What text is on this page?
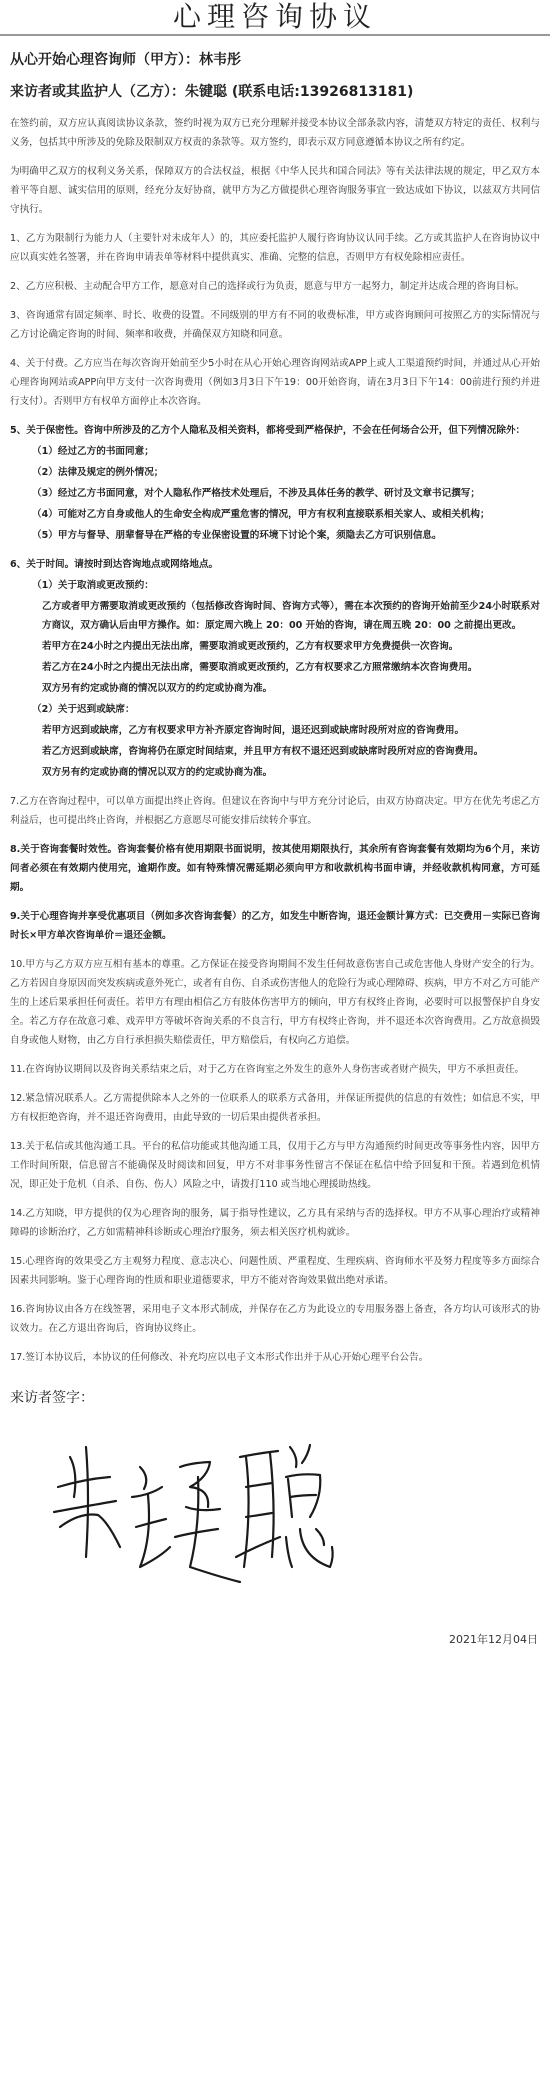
心理咨询协议
从心开始心理咨询师（甲方）：林韦彤
来访者或其监护人（乙方）：朱键聪 (联系电话:13926813181)

在签约前，双方应认真阅读协议条款，签约时视为双方已充分理解并接受本协议全部条款内容，清楚双方特定的责任、权利与义务，包括其中所涉及的免除及限制双方权责的条款等。双方签约，即表示双方同意遵循本协议之所有约定。

为明确甲乙双方的权利义务关系，保障双方的合法权益，根据《中华人民共和国合同法》等有关法律法规的规定，甲乙双方本着平等自愿、诚实信用的原则，经充分友好协商，就甲方为乙方做提供心理咨询服务事宜一致达成如下协议，以兹双方共同信守执行。

1、乙方为限制行为能力人（主要针对未成年人）的，其应委托监护人履行咨询协议认同手续。乙方或其监护人在咨询协议中应以真实姓名签署，并在咨询申请表单等材料中提供真实、准确、完整的信息，否则甲方有权免除相应责任。

2、乙方应积极、主动配合甲方工作，愿意对自己的选择或行为负责，愿意与甲方一起努力，制定并达成合理的咨询目标。

3、咨询通常有固定频率、时长、收费的设置。不同级别的甲方有不同的收费标准，甲方或咨询顾问可按照乙方的实际情况与乙方讨论确定咨询的时间、频率和收费，并确保双方知晓和同意。

4、关于付费。乙方应当在每次咨询开始前至少5小时在从心开始心理咨询网站或APP上或人工渠道预约时间，并通过从心开始心理咨询网站或APP向甲方支付一次咨询费用（例如3月3日下午19：00开始咨询，请在3月3日下午14：00前进行预约并进行支付）。否则甲方有权单方面停止本次咨询。

5、关于保密性。咨询中所涉及的乙方个人隐私及相关资料，都将受到严格保护，不会在任何场合公开，但下列情况除外：

（1）经过乙方的书面同意；

（2）法律及规定的例外情况；

（3）经过乙方书面同意，对个人隐私作严格技术处理后，不涉及具体任务的教学、研讨及文章书记撰写；

（4）可能对乙方自身或他人的生命安全构成严重危害的情况，甲方有权利直接联系相关家人、或相关机构；

（5）甲方与督导、朋辈督导在严格的专业保密设置的环境下讨论个案，须隐去乙方可识别信息。

6、关于时间。请按时到达咨询地点或网络地点。

（1）关于取消或更改预约：

乙方或者甲方需要取消或更改预约（包括修改咨询时间、咨询方式等），需在本次预约的咨询开始前至少24小时联系对方商议，双方确认后由甲方操作。如：原定周六晚上 20：00 开始的咨询，请在周五晚 20：00 之前提出更改。

若甲方在24小时之内提出无法出席，需要取消或更改预约，乙方有权要求甲方免费提供一次咨询。

若乙方在24小时之内提出无法出席，需要取消或更改预约，乙方有权要求乙方照常缴纳本次咨询费用。

双方另有约定或协商的情况以双方的约定或协商为准。

（2）关于迟到或缺席：

若甲方迟到或缺席，乙方有权要求甲方补齐原定咨询时间，退还迟到或缺席时段所对应的咨询费用。

若乙方迟到或缺席，咨询将仍在原定时间结束，并且甲方有权不退还迟到或缺席时段所对应的咨询费用。

双方另有约定或协商的情况以双方的约定或协商为准。

7.乙方在咨询过程中，可以单方面提出终止咨询。但建议在咨询中与甲方充分讨论后，由双方协商决定。甲方在优先考虑乙方利益后，也可提出终止咨询，并根据乙方意愿尽可能安排后续转介事宜。

8.关于咨询套餐时效性。咨询套餐价格有使用期限书面说明，按其使用期限执行，其余所有咨询套餐有效期均为6个月，来访问者必须在有效期内使用完，逾期作废。如有特殊情况需延期必须向甲方和收款机构书面申请，并经收款机构同意，方可延期。

9.关于心理咨询并享受优惠项目（例如多次咨询套餐）的乙方，如发生中断咨询，退还金额计算方式：已交费用－实际已咨询时长×甲方单次咨询单价＝退还金额。

10.甲方与乙方双方应互相有基本的尊重。乙方保证在接受咨询期间不发生任何故意伤害自己或危害他人身财产安全的行为。乙方若因自身原因而突发疾病或意外死亡，或者有自伤、自杀或伤害他人的危险行为或心理障碍、疾病，甲方不对乙方可能产生的上述后果承担任何责任。若甲方有理由相信乙方有肢体伤害甲方的倾向，甲方有权终止咨询，必要时可以报警保护自身安全。若乙方存在故意刁难、戏弄甲方等破坏咨询关系的不良言行，甲方有权终止咨询，并不退还本次咨询费用。乙方故意损毁自身或他人财物，由乙方自行承担损失赔偿责任，甲方赔偿后，有权向乙方追偿。

11.在咨询协议期间以及咨询关系结束之后，对于乙方在咨询室之外发生的意外人身伤害或者财产损失，甲方不承担责任。

12.紧急情况联系人。乙方需提供除本人之外的一位联系人的联系方式备用，并保证所提供的信息的有效性；如信息不实，甲方有权拒绝咨询，并不退还咨询费用，由此导致的一切后果由提供者承担。

13.关于私信或其他沟通工具。平台的私信功能或其他沟通工具，仅用于乙方与甲方沟通预约时间更改等事务性内容，因甲方工作时间所限，信息留言不能确保及时阅读和回复，甲方不对非事务性留言不保证在私信中给予回复和干预。若遇到危机情况，即正处于危机（自杀、自伤、伤人）风险之中，请拨打110 或当地心理援助热线。

14.乙方知晓，甲方提供的仅为心理咨询的服务，属于指导性建议，乙方具有采纳与否的选择权。甲方不从事心理治疗或精神障碍的诊断治疗，乙方如需精神科诊断或心理治疗服务，须去相关医疗机构就诊。

15.心理咨询的效果受乙方主观努力程度、意志决心、问题性质、严重程度、生理疾病、咨询师水平及努力程度等多方面综合因素共同影响。鉴于心理咨询的性质和职业道德要求，甲方不能对咨询效果做出绝对承诺。

16.咨询协议由各方在线签署，采用电子文本形式制成，并保存在乙方为此设立的专用服务器上备查，各方均认可该形式的协议效力。在乙方退出咨询后，咨询协议终止。

17.签订本协议后，本协议的任何修改、补充均应以电子文本形式作出并于从心开始心理平台公告。

来访者签字：
2021年12月04日
